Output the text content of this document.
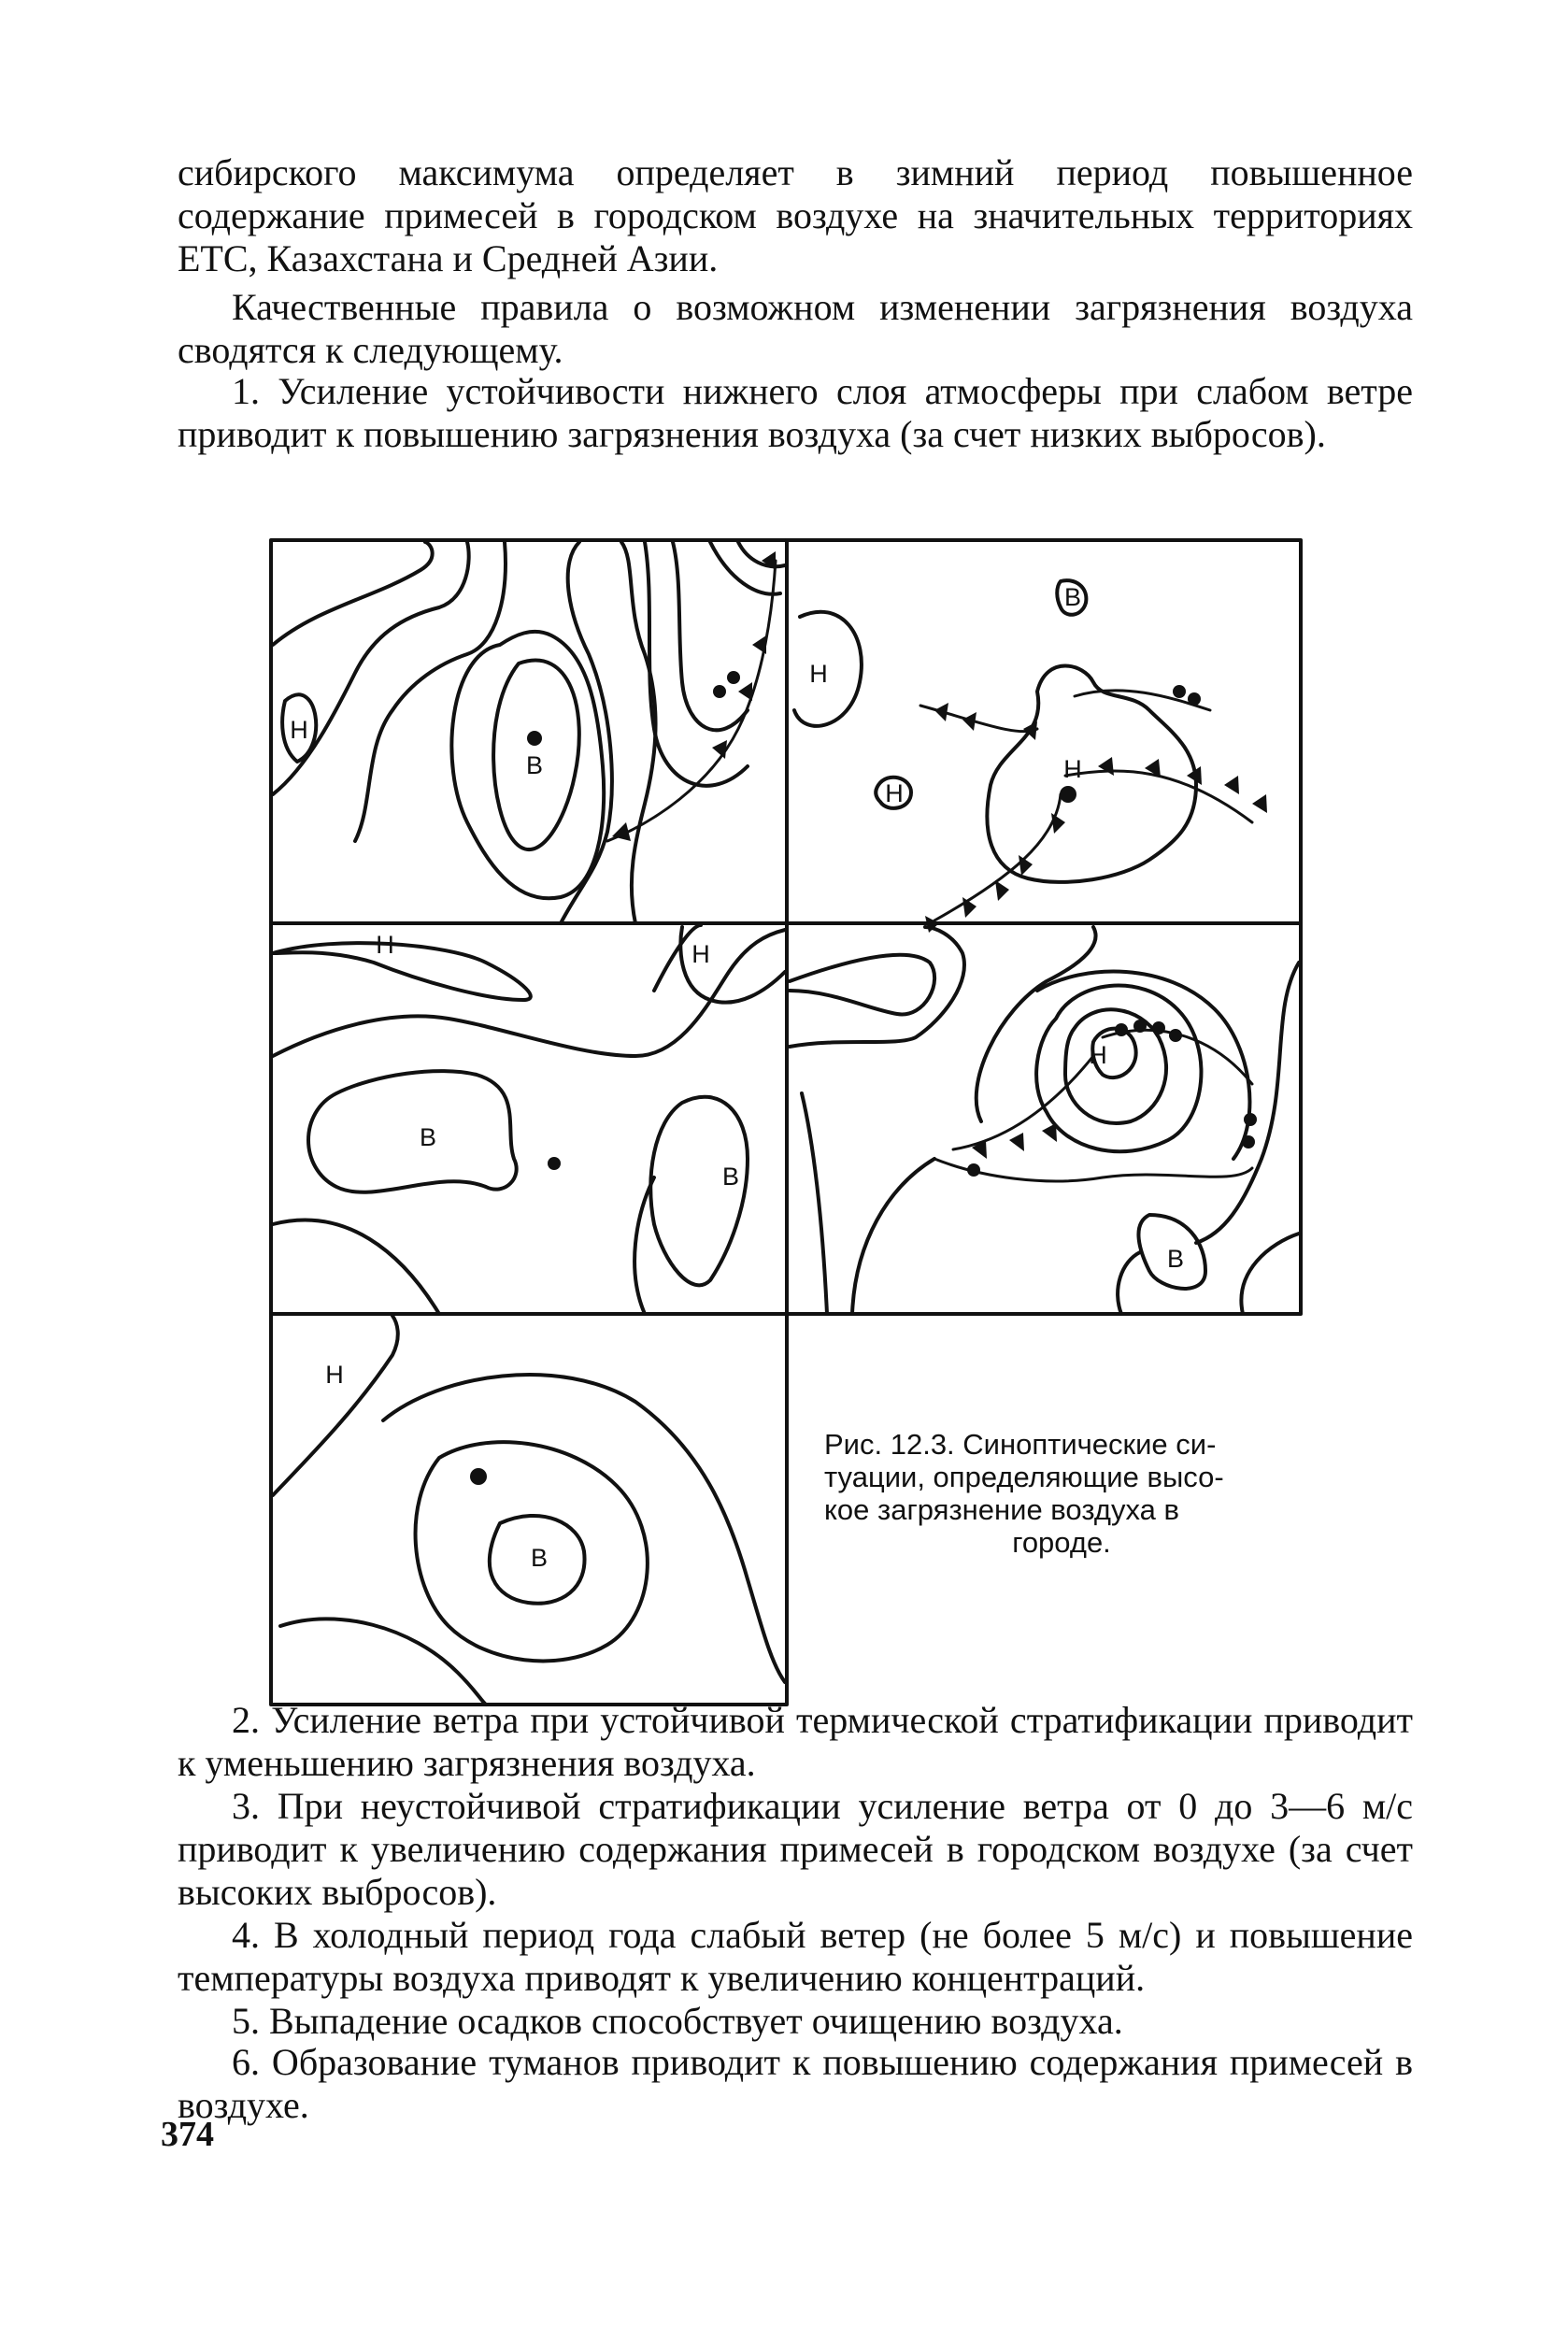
сибирского максимума определяет в зимний период повышенное содержание примесей в городском воздухе на значительных территориях ЕТС, Казахстана и Средней Азии.

Качественные правила о возможном изменении загрязнения воздуха сводятся к следующему.

1. Усиление устойчивости нижнего слоя атмосферы при слабом ветре приводит к повышению загрязнения воздуха (за счет низких выбросов).

Н
В
В
Н
Н
Н
Н	Н
В
В
Н
В
Н
В
Рис. 12.3. Синоптические си-
туации, определяющие высо-
кое загрязнение воздуха в
городе.

2. Усиление ветра при устойчивой термической стратификации приводит к уменьшению загрязнения воздуха.

3. При неустойчивой стратификации усиление ветра от 0 до 3—6 м/с приводит к увеличению содержания примесей в городском воздухе (за счет высоких выбросов).

4. В холодный период года слабый ветер (не более 5 м/с) и повышение температуры воздуха приводят к увеличению концентраций.

5. Выпадение осадков способствует очищению воздуха.

6. Образование туманов приводит к повышению содержания примесей в воздухе.

374
